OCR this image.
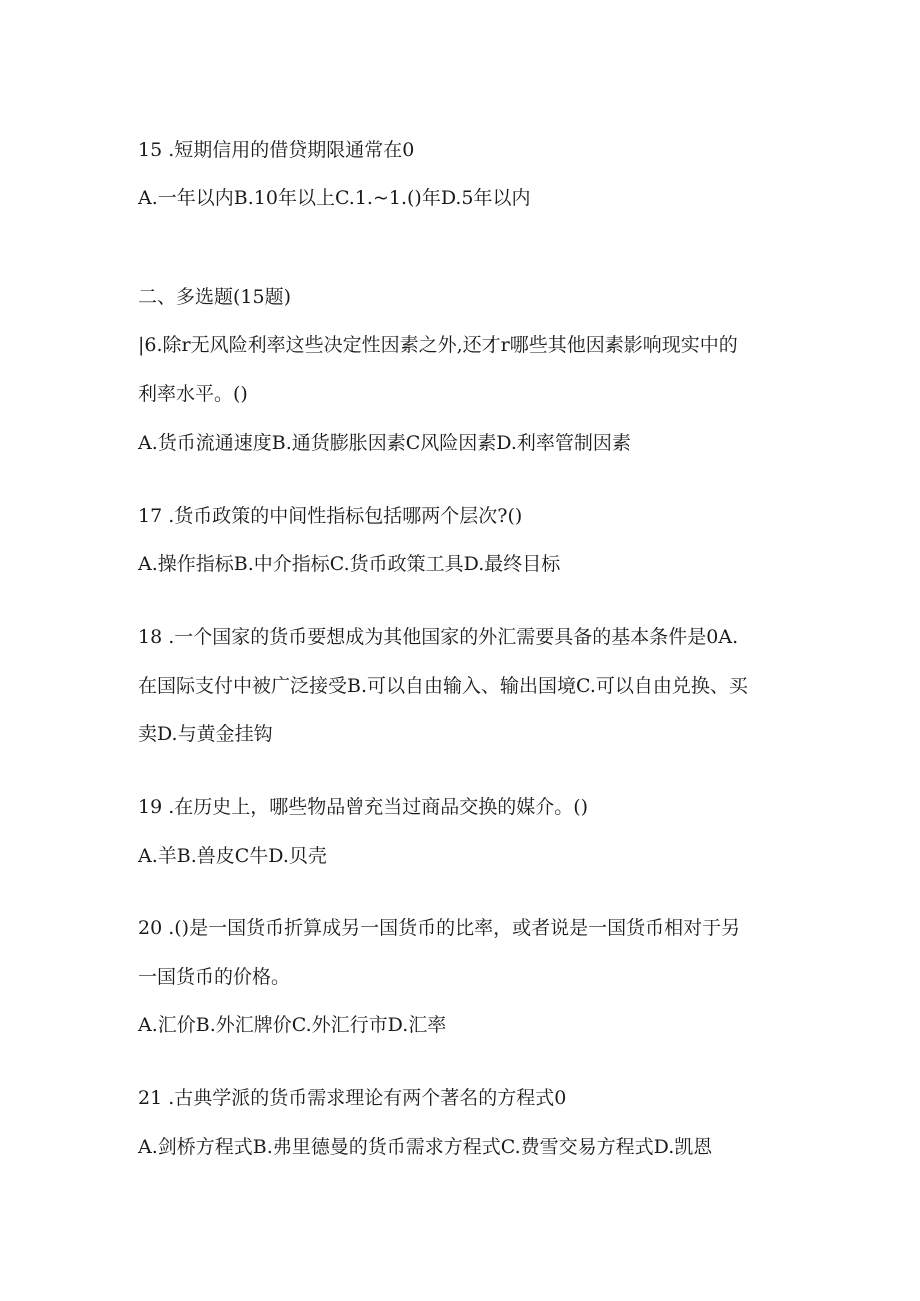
15 .短期信用的借贷期限通常在0

A.一年以内B.10年以上C.1.~1.()年D.5年以内

二、多选题(15题)

|6.除r无风险利率这些决定性因素之外,还才r哪些其他因素影响现实中的

利率水平。()

A.货币流通速度B.通货膨胀因素C风险因素D.利率管制因素

17 .货币政策的中间性指标包括哪两个层次?()

A.操作指标B.中介指标C.货币政策工具D.最终目标

18 .一个国家的货币要想成为其他国家的外汇需要具备的基本条件是0A.

在国际支付中被广泛接受B.可以自由输入、输出国境C.可以自由兑换、买

卖D.与黄金挂钩

19 .在历史上，哪些物品曾充当过商品交换的媒介。()

A.羊B.兽皮C牛D.贝壳

20 .()是一国货币折算成另一国货币的比率，或者说是一国货币相对于另

一国货币的价格。

A.汇价B.外汇牌价C.外汇行市D.汇率

21 .古典学派的货币需求理论有两个著名的方程式0

A.剑桥方程式B.弗里德曼的货币需求方程式C.费雪交易方程式D.凯恩
